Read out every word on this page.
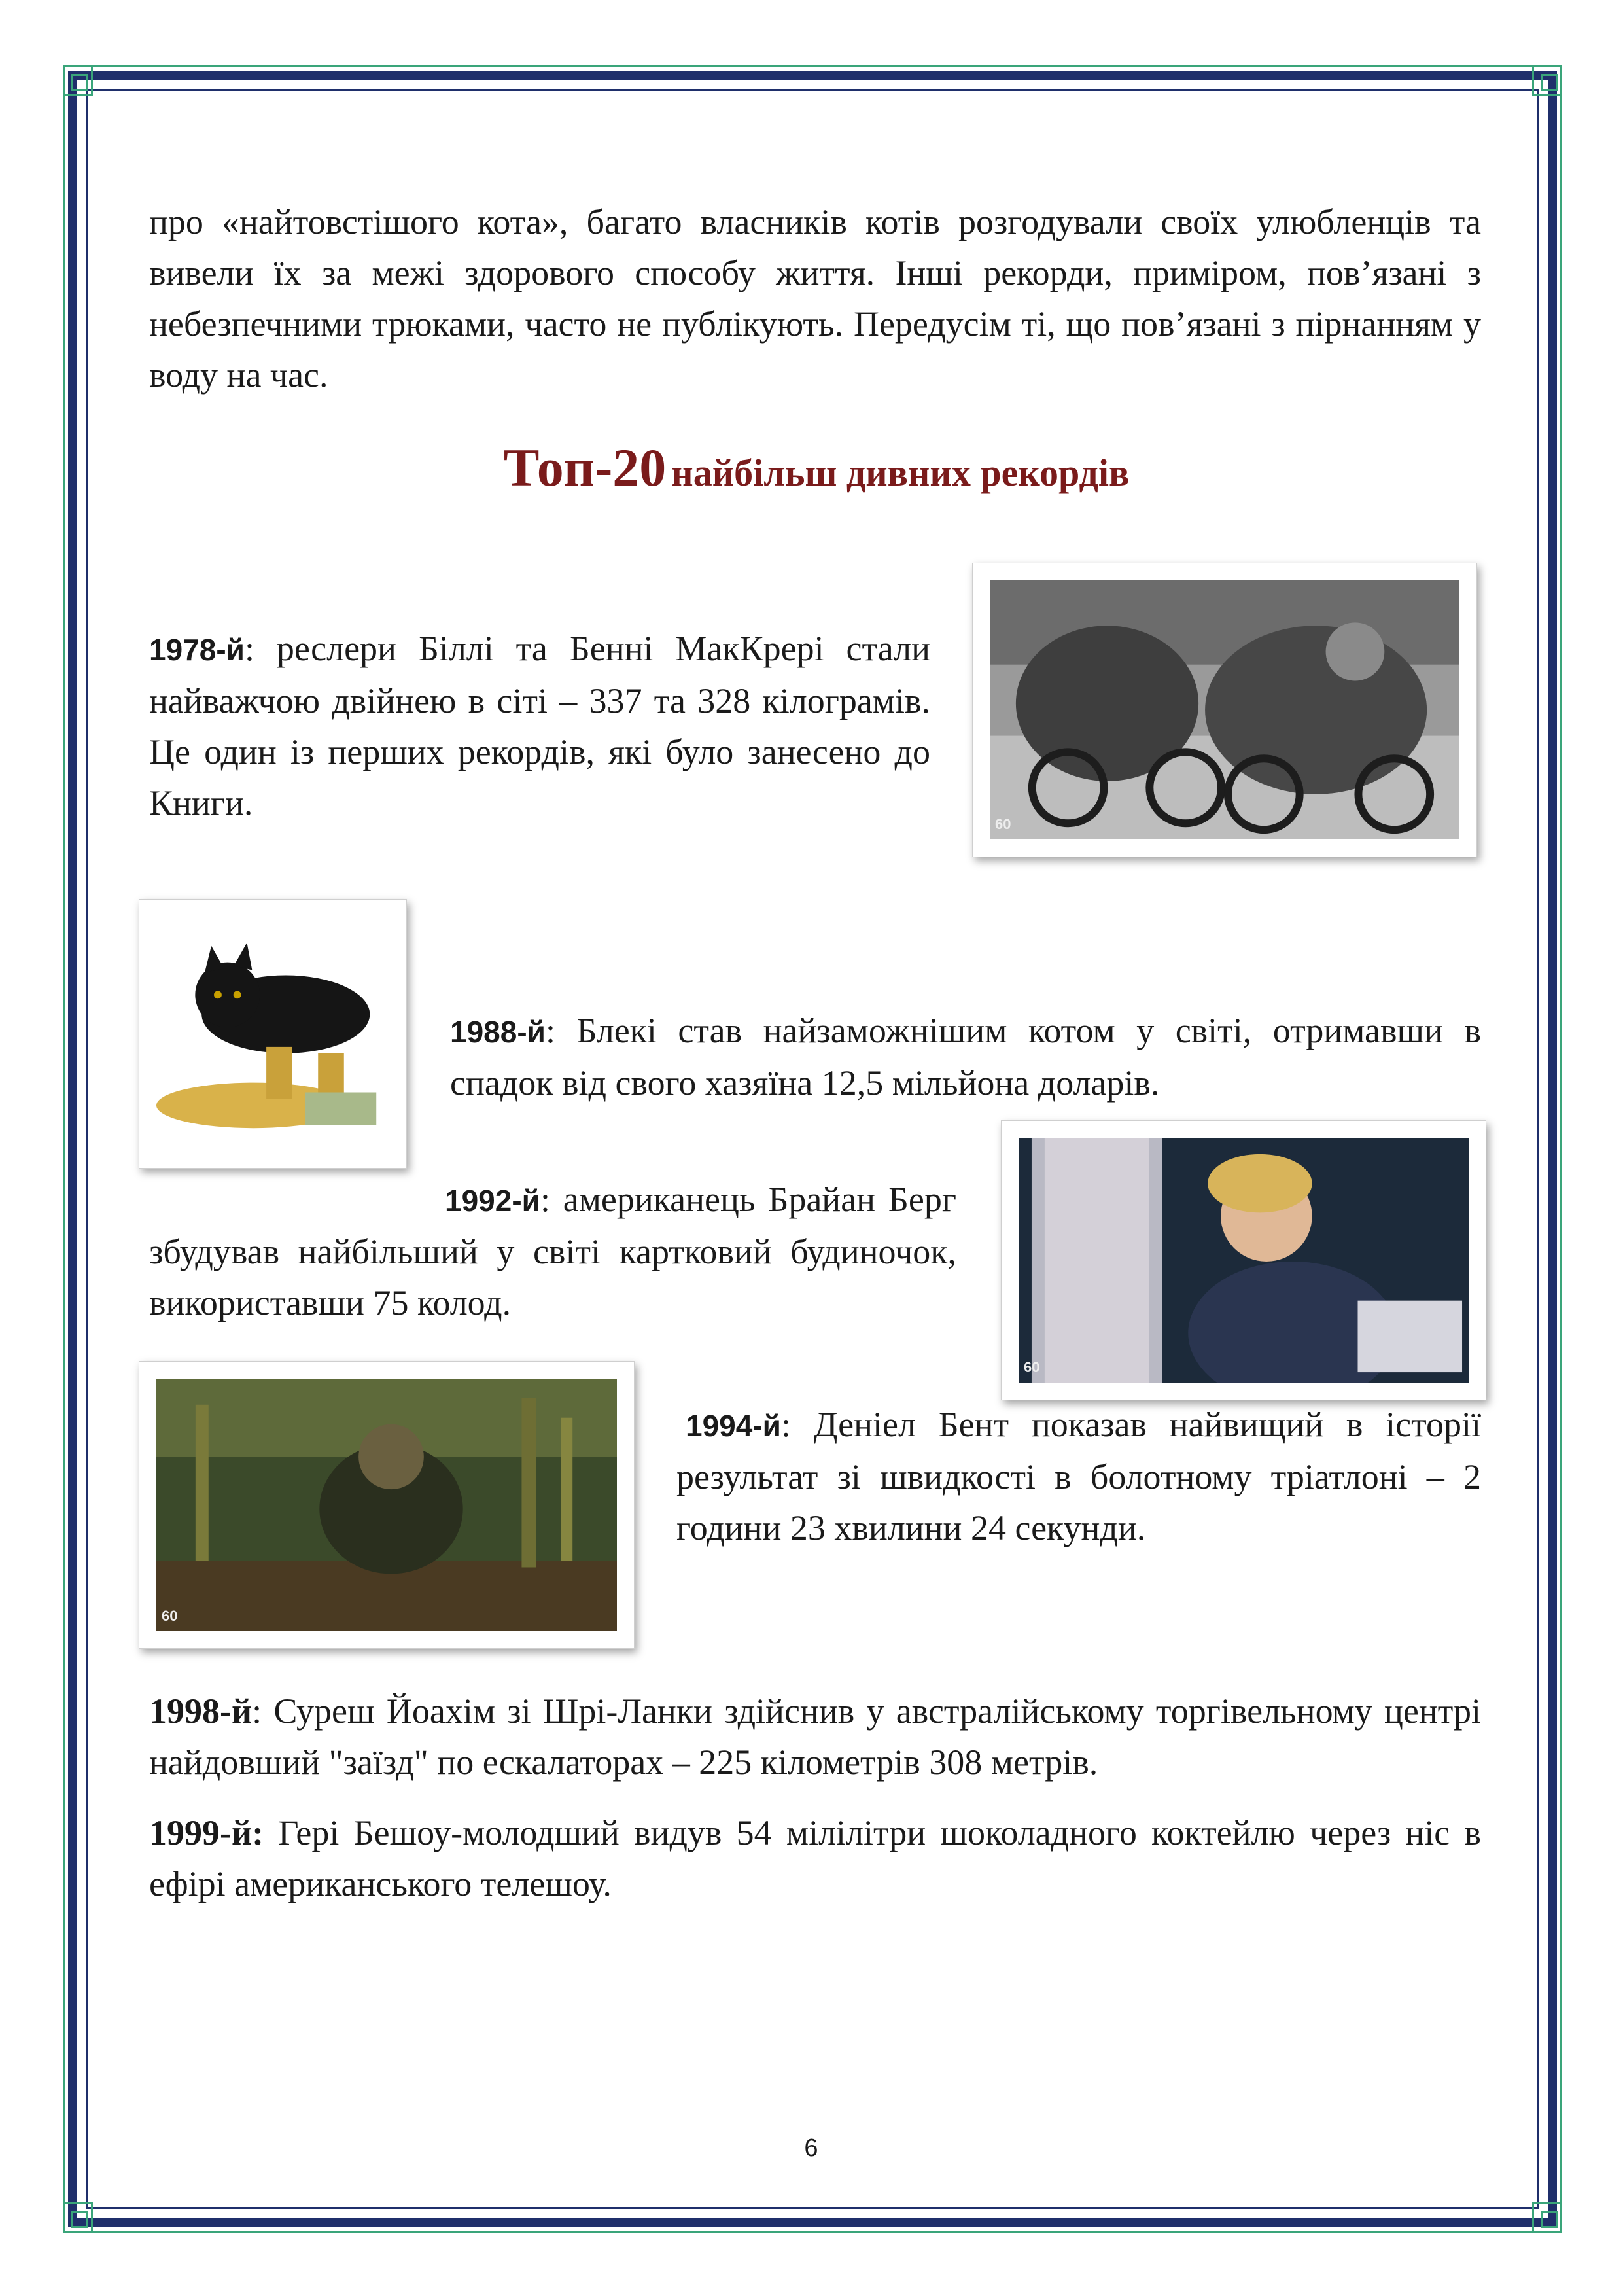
про «найтовстішого кота», багато власників котів розгодували своїх улюбленців та вивели їх за межі здорового способу життя. Інші рекорди, приміром, пов’язані з небезпечними трюками, часто не публікують. Передусім ті, що пов’язані з пірнанням у воду на час.

Топ-20 найбільш дивних рекордів

1978-й: реслери Біллі та Бенні МакКрері стали найважчою двійнею в сіті – 337 та 328 кілограмів. Це один із перших рекордів, які було занесено до Книги.

60

1988-й: Блекі став найзаможнішим котом у світі, отримавши в спадок від свого хазяїна 12,5 мільйона доларів.

1992-й: американець Брайан Берг збудував найбільший у світі картковий будиночок, використавши 75 колод.

60
60

1994-й: Деніел Бент показав найвищий в історії результат зі швидкості в болотному тріатлоні – 2 години 23 хвилини 24 секунди.

1998-й: Суреш Йоахім зі Шрі-Ланки здійснив у австралійському торгівельному центрі найдовший "заїзд" по ескалаторах – 225 кілометрів 308 метрів.

1999-й: Гері Бешоу-молодший видув 54 мілілітри шоколадного коктейлю через ніс в ефірі американського телешоу.

6
